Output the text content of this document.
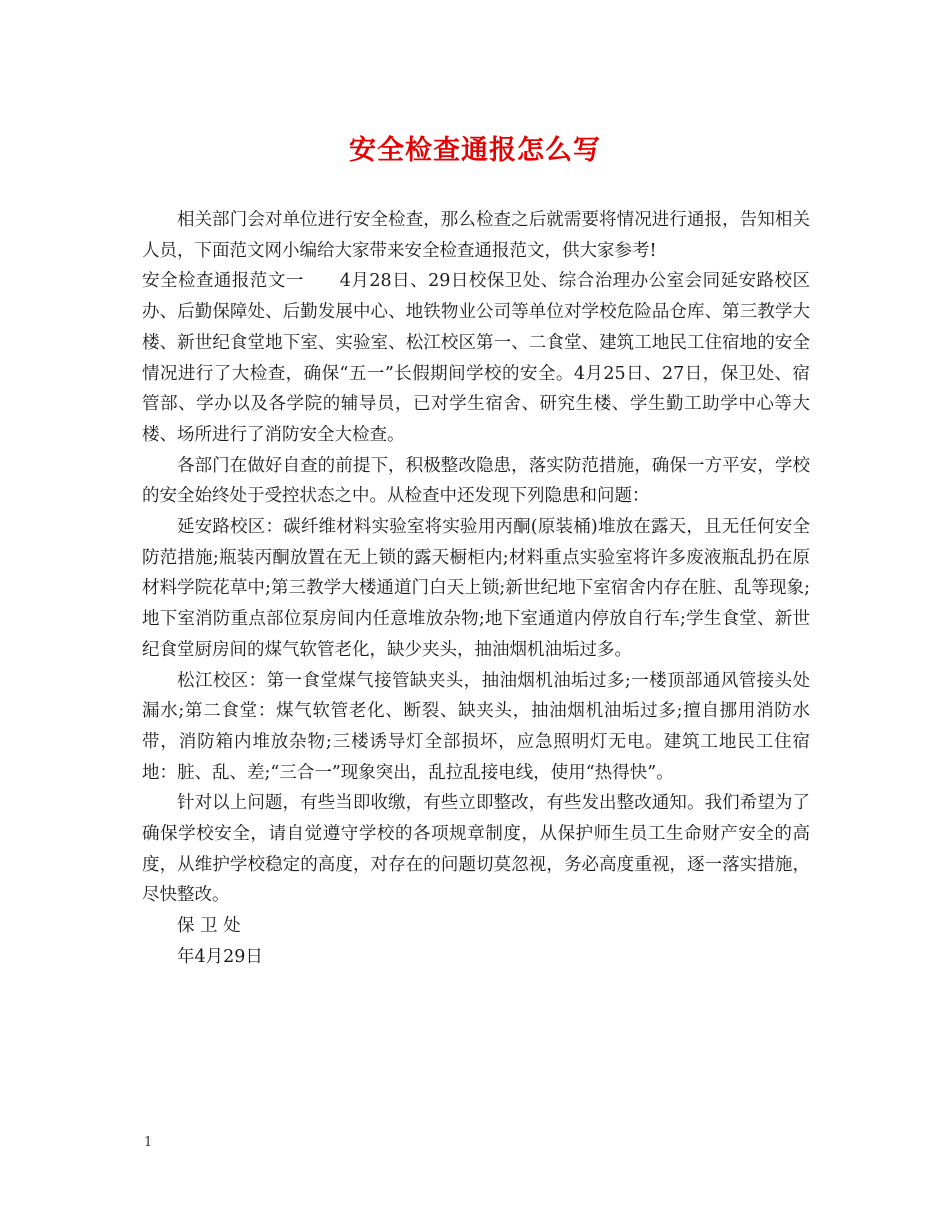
安全检查通报怎么写

相关部门会对单位进行安全检查，那么检查之后就需要将情况进行通报，告知相关人员，下面范文网小编给大家带来安全检查通报范文，供大家参考!

安全检查通报范文一　　4月28日、29日校保卫处、综合治理办公室会同延安路校区办、后勤保障处、后勤发展中心、地铁物业公司等单位对学校危险品仓库、第三教学大楼、新世纪食堂地下室、实验室、松江校区第一、二食堂、建筑工地民工住宿地的安全情况进行了大检查，确保“五一”长假期间学校的安全。4月25日、27日，保卫处、宿管部、学办以及各学院的辅导员，已对学生宿舍、研究生楼、学生勤工助学中心等大楼、场所进行了消防安全大检查。

各部门在做好自查的前提下，积极整改隐患，落实防范措施，确保一方平安，学校的安全始终处于受控状态之中。从检查中还发现下列隐患和问题：

延安路校区：碳纤维材料实验室将实验用丙酮(原装桶)堆放在露天，且无任何安全防范措施;瓶装丙酮放置在无上锁的露天橱柜内;材料重点实验室将许多废液瓶乱扔在原材料学院花草中;第三教学大楼通道门白天上锁;新世纪地下室宿舍内存在脏、乱等现象;地下室消防重点部位泵房间内任意堆放杂物;地下室通道内停放自行车;学生食堂、新世纪食堂厨房间的煤气软管老化，缺少夹头，抽油烟机油垢过多。

松江校区：第一食堂煤气接管缺夹头，抽油烟机油垢过多;一楼顶部通风管接头处漏水;第二食堂：煤气软管老化、断裂、缺夹头，抽油烟机油垢过多;擅自挪用消防水带，消防箱内堆放杂物;三楼诱导灯全部损坏，应急照明灯无电。建筑工地民工住宿地：脏、乱、差;“三合一”现象突出，乱拉乱接电线，使用“热得快”。

针对以上问题，有些当即收缴，有些立即整改，有些发出整改通知。我们希望为了确保学校安全，请自觉遵守学校的各项规章制度，从保护师生员工生命财产安全的高度，从维护学校稳定的高度，对存在的问题切莫忽视，务必高度重视，逐一落实措施，尽快整改。

保 卫 处

年4月29日

1
